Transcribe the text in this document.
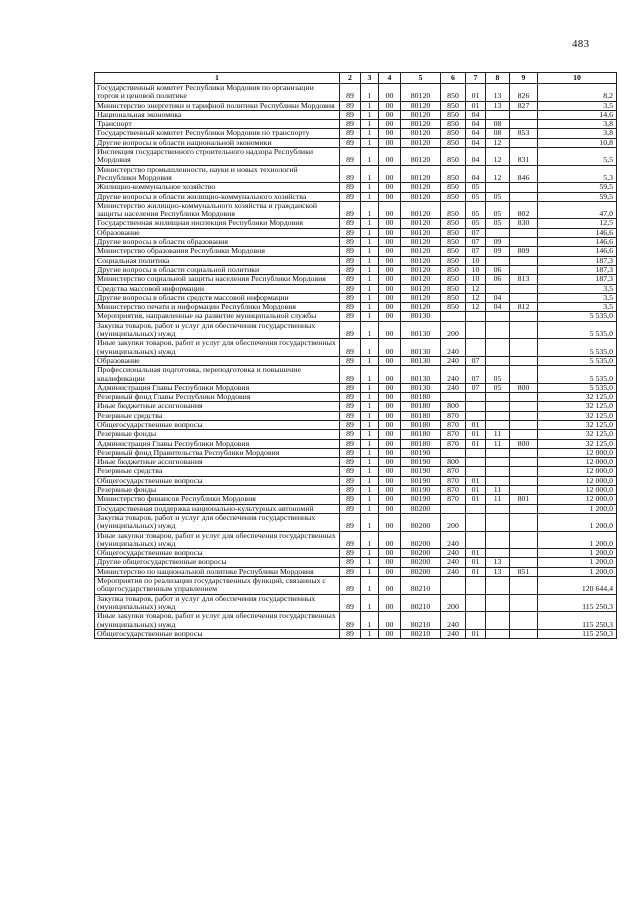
483
1	2	3	4	5	6	7	8	9	10
Государственный комитет Республики Мордовия по организации торгов и ценовой политике	89	1	00	80120	850	01	13	826	8,2
Министерство энергетики и тарифной политики Республики Мордовия	89	1	00	80120	850	01	13	827	3,5
Национальная экономика	89	1	00	80120	850	04			14,6
Транспорт	89	1	00	80120	850	04	08		3,8
Государственный комитет Республики Мордовия по транспорту	89	1	00	80120	850	04	08	853	3,8
Другие вопросы в области национальной экономики	89	1	00	80120	850	04	12		10,8
Инспекция государственного строительного надзора Республики Мордовия	89	1	00	80120	850	04	12	831	5,5
Министерство промышленности, науки и новых технологий Республики Мордовия	89	1	00	80120	850	04	12	846	5,3
Жилищно-коммунальное хозяйство	89	1	00	80120	850	05			59,5
Другие вопросы в области жилищно-коммунального хозяйства	89	1	00	80120	850	05	05		59,5
Министерство жилищно-коммунального хозяйства и гражданской защиты населения Республики Мордовия	89	1	00	80120	850	05	05	802	47,0
Государственная жилищная инспекция Республики Мордовия	89	1	00	80120	850	05	05	830	12,5
Образование	89	1	00	80120	850	07			146,6
Другие вопросы в области образования	89	1	00	80120	850	07	09		146,6
Министерство образования Республики Мордовия	89	1	00	80120	850	07	09	809	146,6
Социальная политика	89	1	00	80120	850	10			187,3
Другие вопросы в области социальной политики	89	1	00	80120	850	10	06		187,3
Министерство социальной защиты населения Республики Мордовия	89	1	00	80120	850	10	06	813	187,3
Средства массовой информации	89	1	00	80120	850	12			3,5
Другие вопросы в области средств массовой информации	89	1	00	80120	850	12	04		3,5
Министерство печати и информации Республики Мордовия	89	1	00	80120	850	12	04	812	3,5
Мероприятия, направленные на развитие муниципальной службы	89	1	00	80130					5 535,0
Закупка товаров, работ и услуг для обеспечения государственных (муниципальных) нужд	89	1	00	80130	200				5 535,0
Иные закупки товаров, работ и услуг для обеспечения государственных (муниципальных) нужд	89	1	00	80130	240				5 535,0
Образование	89	1	00	80130	240	07			5 535,0
Профессиональная подготовка, переподготовка и повышение квалификации	89	1	00	80130	240	07	05		5 535,0
Администрация Главы Республики Мордовия	89	1	00	80130	240	07	05	800	5 535,0
Резервный фонд Главы Республики Мордовия	89	1	00	80180					32 125,0
Иные бюджетные ассигнования	89	1	00	80180	800				32 125,0
Резервные средства	89	1	00	80180	870				32 125,0
Общегосударственные вопросы	89	1	00	80180	870	01			32 125,0
Резервные фонды	89	1	00	80180	870	01	11		32 125,0
Администрация Главы Республики Мордовия	89	1	00	80180	870	01	11	800	32 125,0
Резервный фонд Правительства Республики Мордовия	89	1	00	80190					12 000,0
Иные бюджетные ассигнования	89	1	00	80190	800				12 000,0
Резервные средства	89	1	00	80190	870				12 000,0
Общегосударственные вопросы	89	1	00	80190	870	01			12 000,0
Резервные фонды	89	1	00	80190	870	01	11		12 000,0
Министерство финансов Республики Мордовия	89	1	00	80190	870	01	11	801	12 000,0
Государственная поддержка национально-культурных автономий	89	1	00	80200					1 200,0
Закупка товаров, работ и услуг для обеспечения государственных (муниципальных) нужд	89	1	00	80200	200				1 200,0
Иные закупки товаров, работ и услуг для обеспечения государственных (муниципальных) нужд	89	1	00	80200	240				1 200,0
Общегосударственные вопросы	89	1	00	80200	240	01			1 200,0
Другие общегосударственные вопросы	89	1	00	80200	240	01	13		1 200,0
Министерство по национальной политике Республики Мордовия	89	1	00	80200	240	01	13	851	1 200,0
Мероприятия по реализации государственных функций, связанных с общегосударственным управлением	89	1	00	80210					120 644,4
Закупка товаров, работ и услуг для обеспечения государственных (муниципальных) нужд	89	1	00	80210	200				115 250,3
Иные закупки товаров, работ и услуг для обеспечения государственных (муниципальных) нужд	89	1	00	80210	240				115 250,3
Общегосударственные вопросы	89	1	00	80210	240	01			115 250,3
